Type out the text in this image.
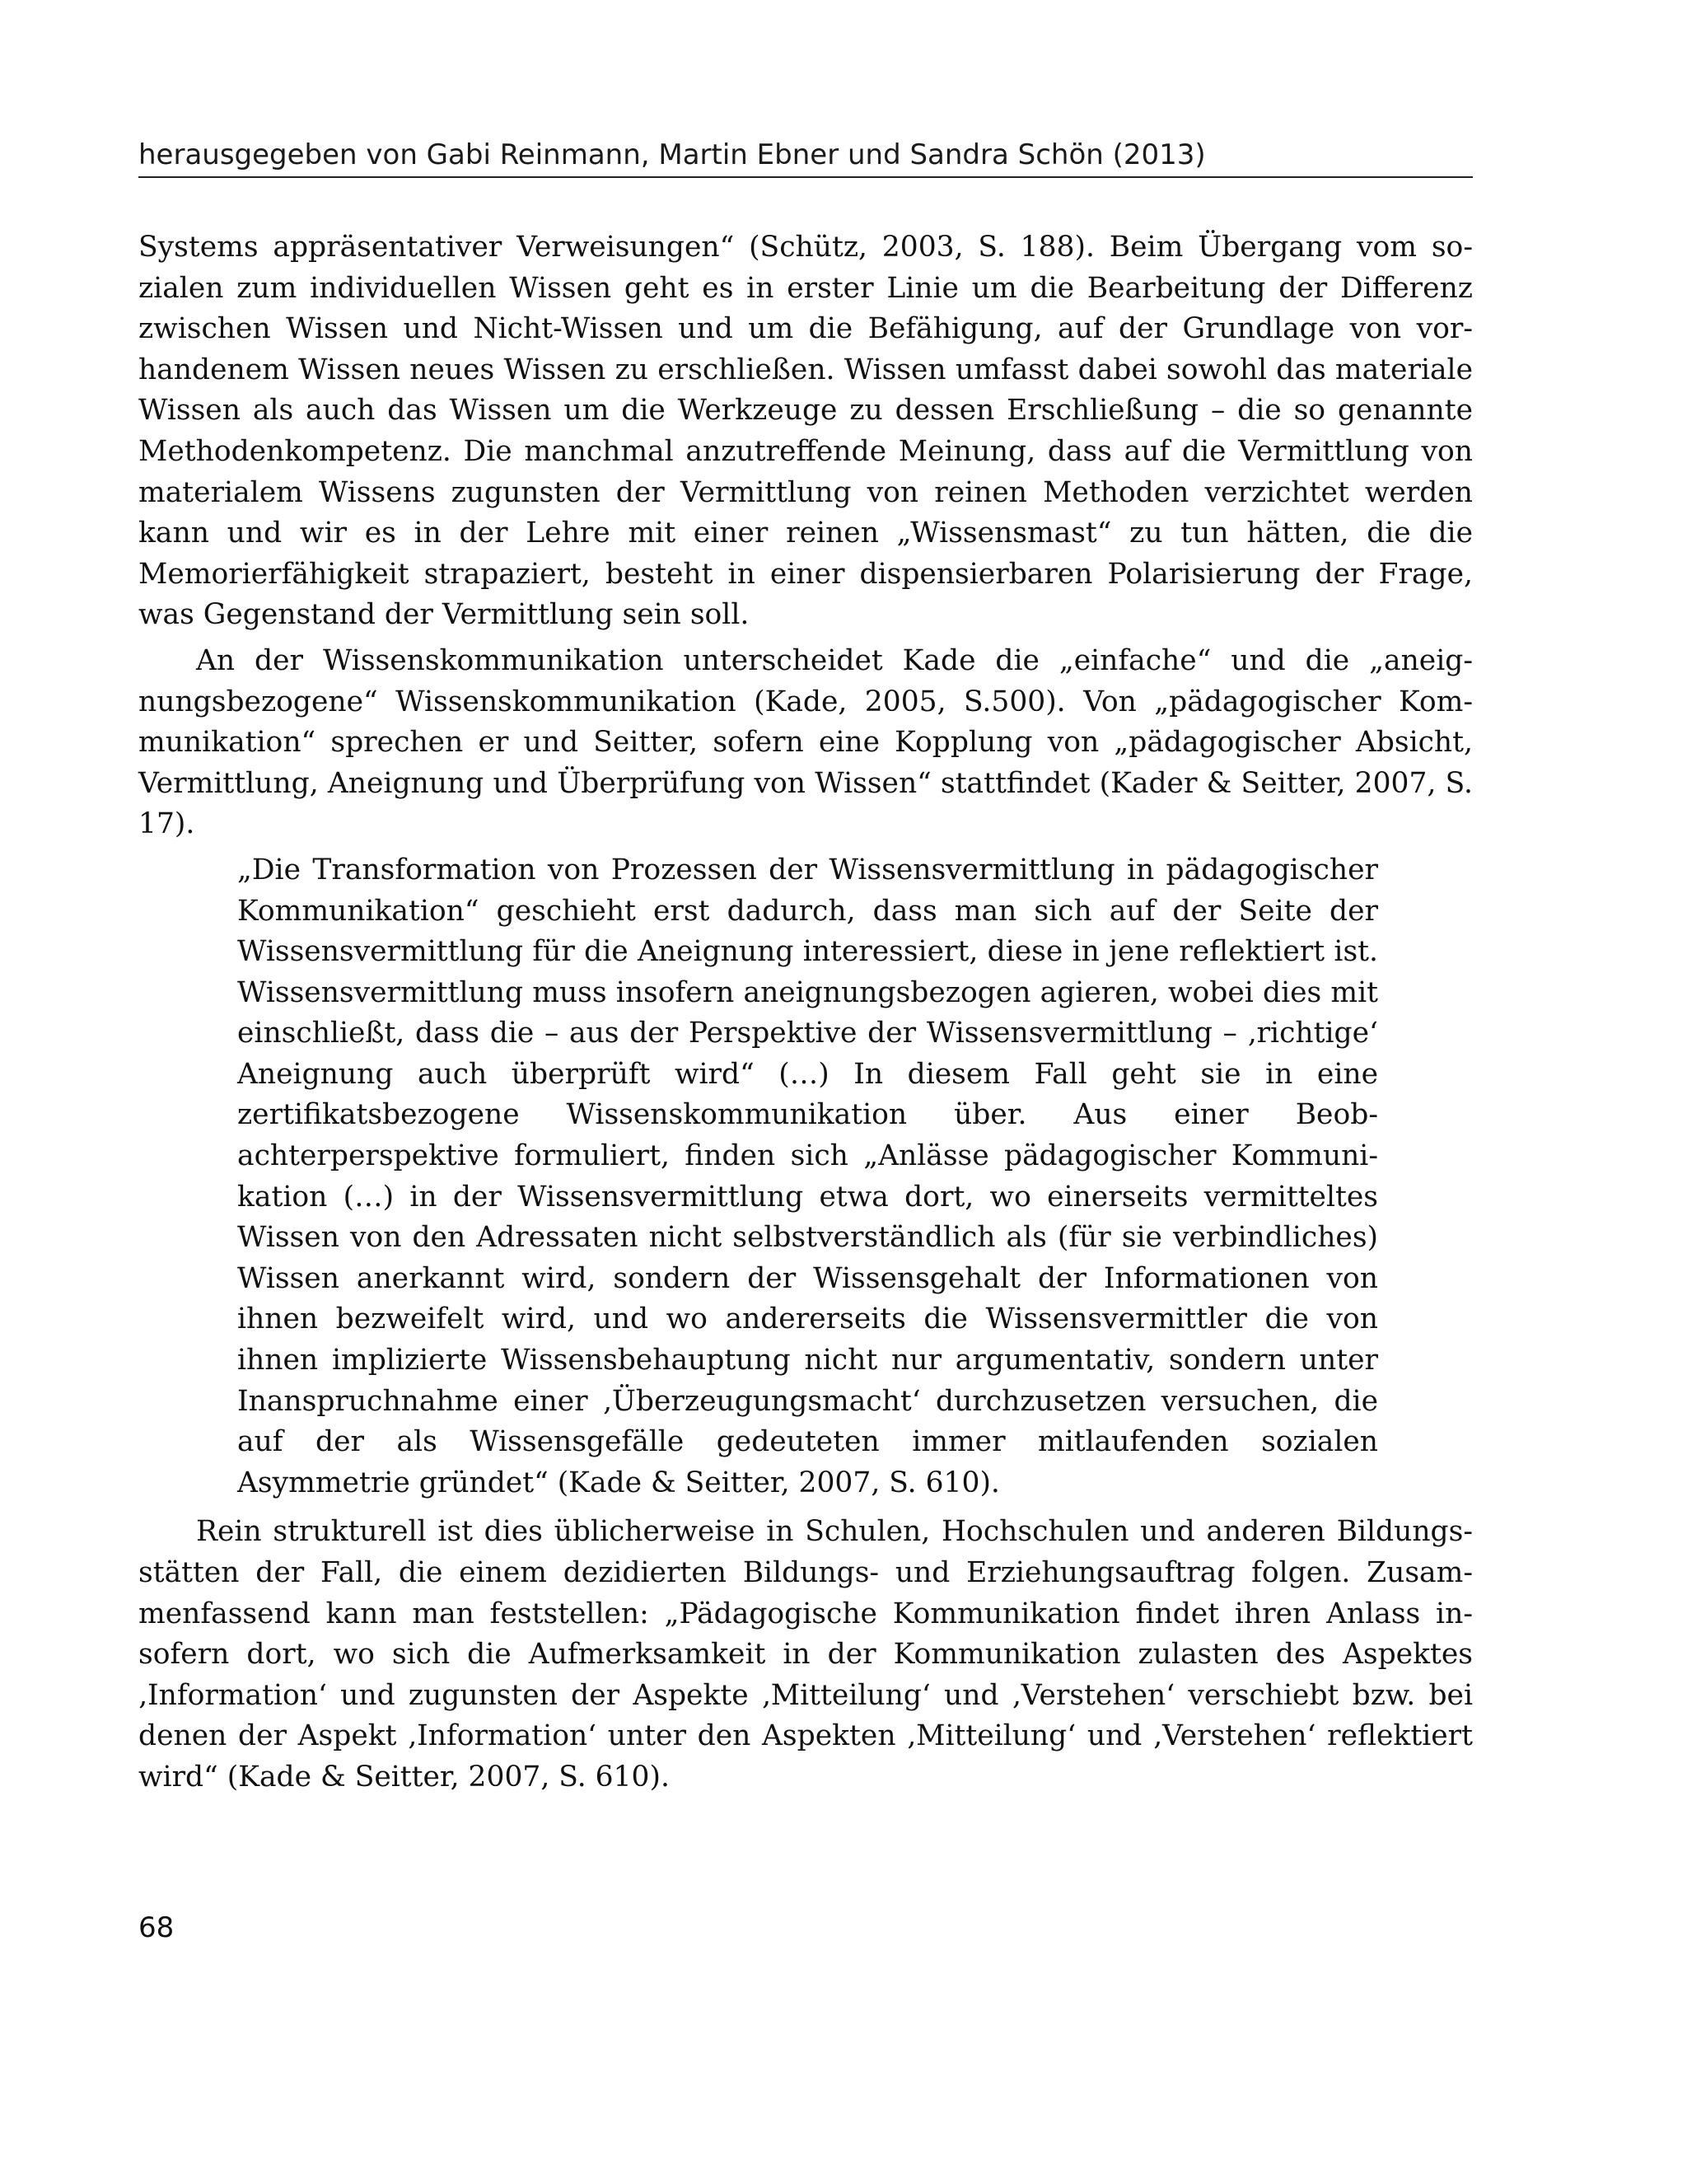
herausgegeben von Gabi Reinmann, Martin Ebner und Sandra Schön (2013)

Systems appräsentativer Verweisungen“ (Schütz, 2003, S. 188). Beim Übergang vom sozialen zum individuellen Wissen geht es in erster Linie um die Bearbeitung der Differenz zwischen Wissen und Nicht-Wissen und um die Befähigung, auf der Grundlage von vorhandenem Wissen neues Wissen zu erschließen. Wissen umfasst dabei sowohl das materiale Wissen als auch das Wissen um die Werkzeuge zu dessen Erschließung – die so genannte Methodenkompetenz. Die manchmal anzutreffende Meinung, dass auf die Vermittlung von materialem Wissens zugunsten der Vermittlung von reinen Methoden verzichtet werden kann und wir es in der Lehre mit einer reinen „Wissensmast“ zu tun hätten, die die Memorierfähigkeit strapaziert, besteht in einer dispensierbaren Polarisierung der Frage, was Gegenstand der Vermittlung sein soll.

An der Wissenskommunikation unterscheidet Kade die „einfache“ und die „aneignungsbezogene“ Wissenskommunikation (Kade, 2005, S.500). Von „pädagogischer Kommunikation“ sprechen er und Seitter, sofern eine Kopplung von „pädagogischer Absicht, Vermittlung, Aneignung und Überprüfung von Wissen“ stattfindet (Kader & Seitter, 2007, S. 17).

„Die Transformation von Prozessen der Wissensvermittlung in pädagogischer Kommunikation“ geschieht erst dadurch, dass man sich auf der Seite der Wissensvermittlung für die Aneignung interessiert, diese in jene reflektiert ist. Wissensvermittlung muss insofern aneignungsbezogen agieren, wobei dies mit einschließt, dass die – aus der Perspektive der Wissensvermittlung – ‚richtige‘ Aneignung auch überprüft wird“ (…) In diesem Fall geht sie in eine zertifikatsbezogene Wissenskommunikation über. Aus einer Beobachterperspektive formuliert, finden sich „Anlässe pädagogischer Kommunikation (…) in der Wissensvermittlung etwa dort, wo einerseits vermitteltes Wissen von den Adressaten nicht selbstverständlich als (für sie verbindliches) Wissen anerkannt wird, sondern der Wissensgehalt der Informationen von ihnen bezweifelt wird, und wo andererseits die Wissensvermittler die von ihnen implizierte Wissensbehauptung nicht nur argumentativ, sondern unter Inanspruchnahme einer ‚Überzeugungsmacht‘ durchzusetzen versuchen, die auf der als Wissensgefälle gedeuteten immer mitlaufenden sozialen Asymmetrie gründet“ (Kade & Seitter, 2007, S. 610).

Rein strukturell ist dies üblicherweise in Schulen, Hochschulen und anderen Bildungsstätten der Fall, die einem dezidierten Bildungs- und Erziehungsauftrag folgen. Zusammenfassend kann man feststellen: „Pädagogische Kommunikation findet ihren Anlass insofern dort, wo sich die Aufmerksamkeit in der Kommunikation zulasten des Aspektes ‚Information‘ und zugunsten der Aspekte ‚Mitteilung‘ und ‚Verstehen‘ verschiebt bzw. bei denen der Aspekt ‚Information‘ unter den Aspekten ‚Mitteilung‘ und ‚Verstehen‘ reflektiert wird“ (Kade & Seitter, 2007, S. 610).

68
